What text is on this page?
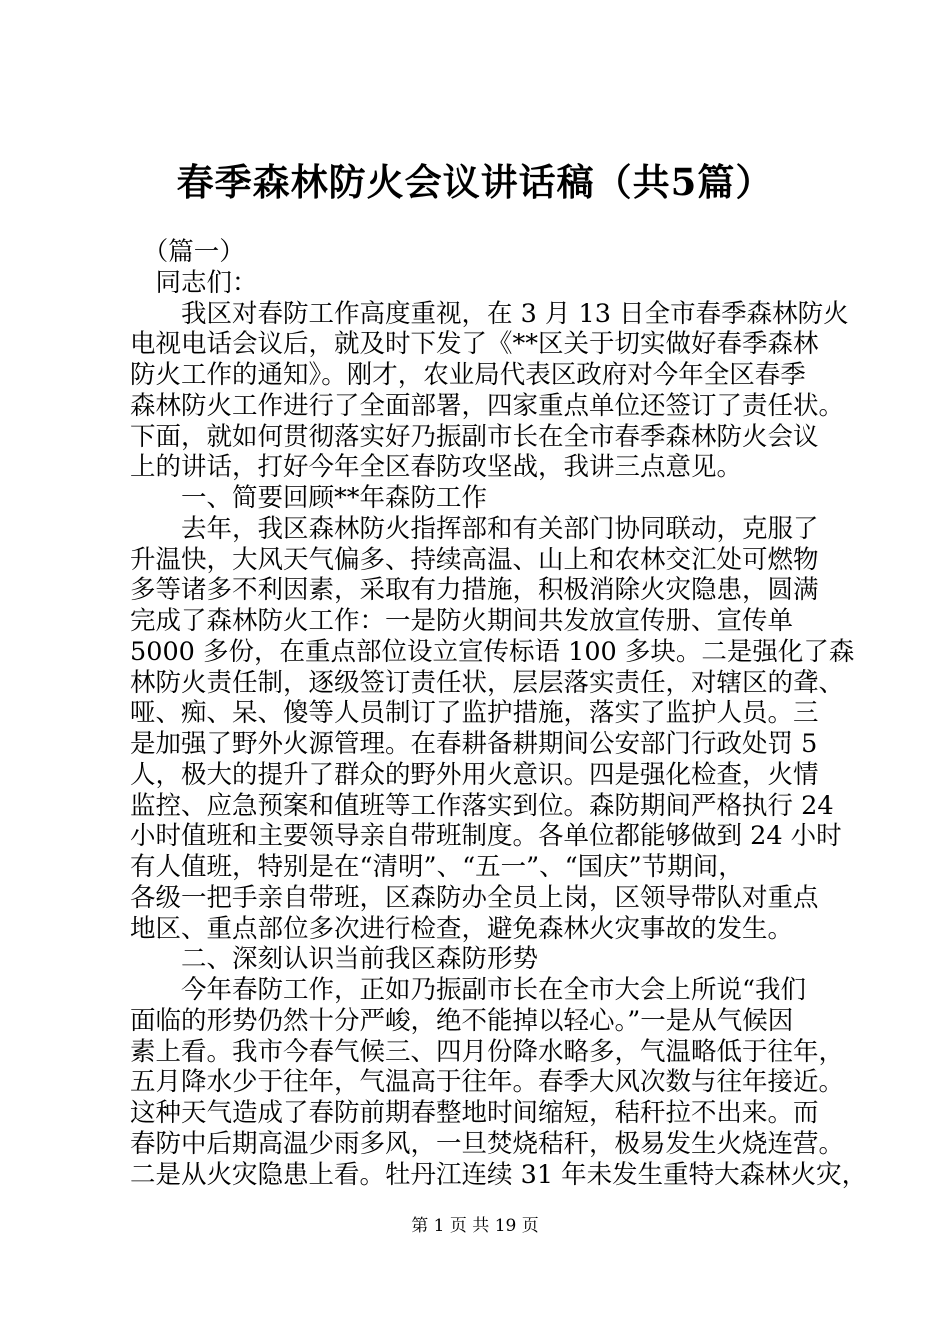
春季森林防火会议讲话稿（共5篇）
　（篇一）
　同志们：
　　我区对春防工作高度重视，在 3 月 13 日全市春季森林防火
电视电话会议后，就及时下发了《**区关于切实做好春季森林
防火工作的通知》。刚才，农业局代表区政府对今年全区春季
森林防火工作进行了全面部署，四家重点单位还签订了责任状。
下面，就如何贯彻落实好乃振副市长在全市春季森林防火会议
上的讲话，打好今年全区春防攻坚战，我讲三点意见。
　　一、简要回顾**年森防工作
　　去年，我区森林防火指挥部和有关部门协同联动，克服了
升温快，大风天气偏多、持续高温、山上和农林交汇处可燃物
多等诸多不利因素，采取有力措施，积极消除火灾隐患，圆满
完成了森林防火工作：一是防火期间共发放宣传册、宣传单
5000 多份，在重点部位设立宣传标语 100 多块。二是强化了森
林防火责任制，逐级签订责任状，层层落实责任，对辖区的聋、
哑、痴、呆、傻等人员制订了监护措施，落实了监护人员。三
是加强了野外火源管理。在春耕备耕期间公安部门行政处罚 5
人，极大的提升了群众的野外用火意识。四是强化检查，火情
监控、应急预案和值班等工作落实到位。森防期间严格执行 24
小时值班和主要领导亲自带班制度。各单位都能够做到 24 小时
有人值班，特别是在“清明”、“五一”、“国庆”节期间，
各级一把手亲自带班，区森防办全员上岗，区领导带队对重点
地区、重点部位多次进行检查，避免森林火灾事故的发生。
　　二、深刻认识当前我区森防形势
　　今年春防工作，正如乃振副市长在全市大会上所说“我们
面临的形势仍然十分严峻，绝不能掉以轻心。”一是从气候因
素上看。我市今春气候三、四月份降水略多，气温略低于往年，
五月降水少于往年，气温高于往年。春季大风次数与往年接近。
这种天气造成了春防前期春整地时间缩短，秸秆拉不出来。而
春防中后期高温少雨多风，一旦焚烧秸秆，极易发生火烧连营。
二是从火灾隐患上看。牡丹江连续 31 年未发生重特大森林火灾，
第 1 页 共 19 页
